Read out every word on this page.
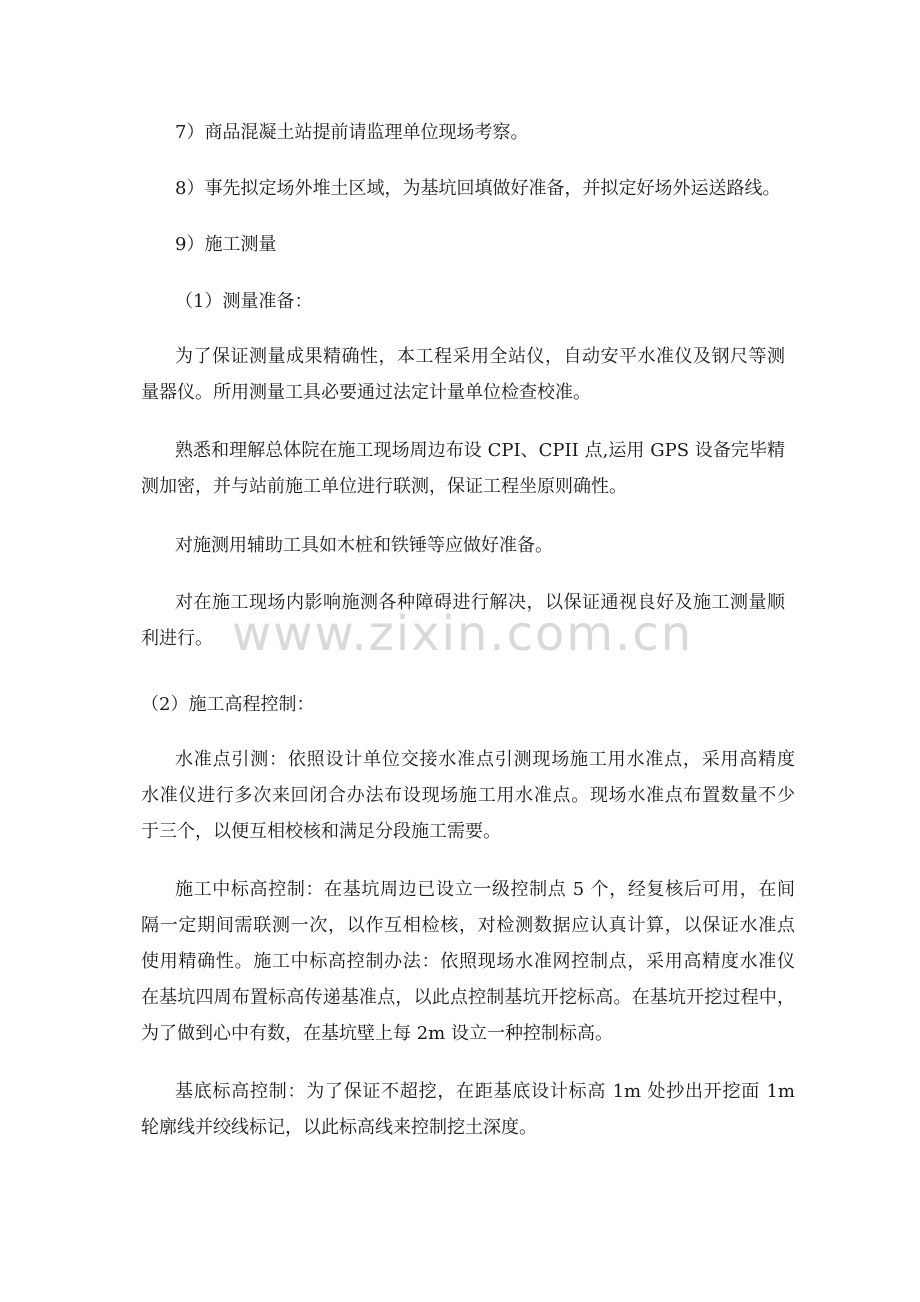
7）商品混凝土站提前请监理单位现场考察。
8）事先拟定场外堆土区域，为基坑回填做好准备，并拟定好场外运送路线。
9）施工测量
（1）测量准备：
为了保证测量成果精确性，本工程采用全站仪，自动安平水准仪及钢尺等测
量器仪。所用测量工具必要通过法定计量单位检查校准。
熟悉和理解总体院在施工现场周边布设 CPI、CPII 点,运用 GPS 设备完毕精
测加密，并与站前施工单位进行联测，保证工程坐原则确性。
对施测用辅助工具如木桩和铁锤等应做好准备。
对在施工现场内影响施测各种障碍进行解决，以保证通视良好及施工测量顺
利进行。
（2）施工高程控制：
水准点引测：依照设计单位交接水准点引测现场施工用水准点，采用高精度
水准仪进行多次来回闭合办法布设现场施工用水准点。现场水准点布置数量不少
于三个，以便互相校核和满足分段施工需要。
施工中标高控制：在基坑周边已设立一级控制点 5 个，经复核后可用，在间
隔一定期间需联测一次，以作互相检核，对检测数据应认真计算，以保证水准点
使用精确性。施工中标高控制办法：依照现场水准网控制点，采用高精度水准仪
在基坑四周布置标高传递基准点，以此点控制基坑开挖标高。在基坑开挖过程中，
为了做到心中有数，在基坑壁上每 2m 设立一种控制标高。
基底标高控制：为了保证不超挖，在距基底设计标高 1m 处抄出开挖面 1m
轮廓线并绞线标记，以此标高线来控制挖土深度。
www.zixin.com.cn
